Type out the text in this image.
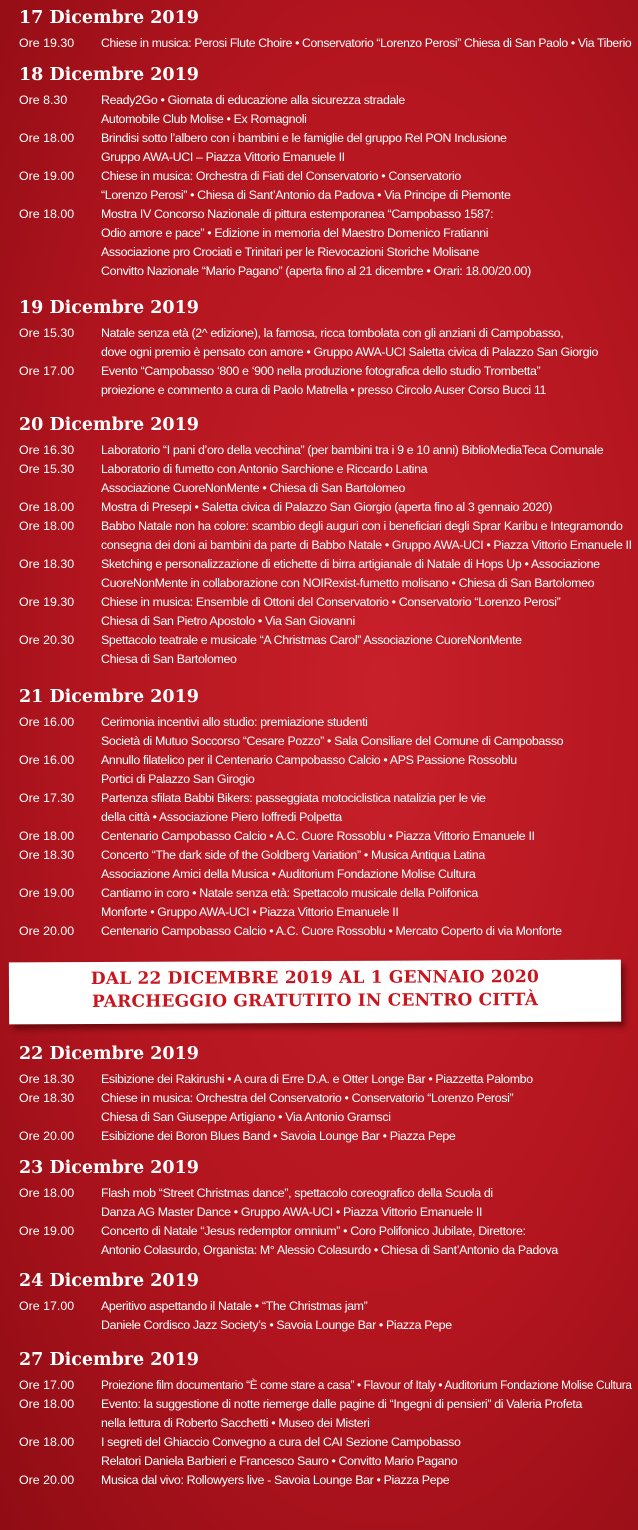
DAL 22 DICEMBRE 2019 AL 1 GENNAIO 2020
PARCHEGGIO GRATUTITO IN CENTRO CITTÀ
17 Dicembre 2019
Ore 19.30 Chiese in musica: Perosi Flute Choire • Conservatorio “Lorenzo Perosi” Chiesa di San Paolo • Via Tiberio
18 Dicembre 2019
Ore 8.30	Ready2Go • Giornata di educazione alla sicurezza stradale
Automobile Club Molise • Ex Romagnoli
Ore 18.00 Brindisi sotto l’albero con i bambini e le famiglie del gruppo Rel PON Inclusione
Gruppo AWA-UCI – Piazza Vittorio Emanuele II
Ore 19.00 Chiese in musica: Orchestra di Fiati del Conservatorio • Conservatorio
“Lorenzo Perosi” • Chiesa di Sant’Antonio da Padova • Via Principe di Piemonte
Ore 18.00 Mostra IV Concorso Nazionale di pittura estemporanea “Campobasso 1587:
Odio amore e pace” • Edizione in memoria del Maestro Domenico Fratianni
Associazione pro Crociati e Trinitari per le Rievocazioni Storiche Molisane
Convitto Nazionale “Mario Pagano” (aperta fino al 21 dicembre • Orari: 18.00/20.00)
19 Dicembre 2019
Ore 15.30 Natale senza età (2^ edizione), la famosa, ricca tombolata con gli anziani di Campobasso,
dove ogni premio è pensato con amore • Gruppo AWA-UCI Saletta civica di Palazzo San Giorgio
Ore 17.00 Evento “Campobasso ‘800 e ‘900 nella produzione fotografica dello studio Trombetta”
proiezione e commento a cura di Paolo Matrella • presso Circolo Auser Corso Bucci 11
20 Dicembre 2019
Ore 16.30 Laboratorio “I pani d’oro della vecchina” (per bambini tra i 9 e 10 anni) BiblioMediaTeca Comunale
Ore 15.30 Laboratorio di fumetto con Antonio Sarchione e Riccardo Latina
Associazione CuoreNonMente • Chiesa di San Bartolomeo
Ore 18.00 Mostra di Presepi • Saletta civica di Palazzo San Giorgio (aperta fino al 3 gennaio 2020)
Ore 18.00 Babbo Natale non ha colore: scambio degli auguri con i beneficiari degli Sprar Karibu e Integramondo
consegna dei doni ai bambini da parte di Babbo Natale • Gruppo AWA-UCI • Piazza Vittorio Emanuele II
Ore 18.30 Sketching e personalizzazione di etichette di birra artigianale di Natale di Hops Up • Associazione
CuoreNonMente in collaborazione con NOIRexist-fumetto molisano • Chiesa di San Bartolomeo
Ore 19.30 Chiese in musica: Ensemble di Ottoni del Conservatorio • Conservatorio “Lorenzo Perosi”
Chiesa di San Pietro Apostolo • Via San Giovanni
Ore 20.30 Spettacolo teatrale e musicale “A Christmas Carol” Associazione CuoreNonMente
Chiesa di San Bartolomeo
21 Dicembre 2019
Ore 16.00 Cerimonia incentivi allo studio: premiazione studenti
Società di Mutuo Soccorso “Cesare Pozzo” • Sala Consiliare del Comune di Campobasso
Ore 16.00 Annullo filatelico per il Centenario Campobasso Calcio • APS Passione Rossoblu
Portici di Palazzo San Girogio
Ore 17.30 Partenza sfilata Babbi Bikers: passeggiata motociclistica natalizia per le vie
della città • Associazione Piero Ioffredi Polpetta
Ore 18.00 Centenario Campobasso Calcio • A.C. Cuore Rossoblu • Piazza Vittorio Emanuele II
Ore 18.30 Concerto “The dark side of the Goldberg Variation” • Musica Antiqua Latina
Associazione Amici della Musica • Auditorium Fondazione Molise Cultura
Ore 19.00 Cantiamo in coro • Natale senza età: Spettacolo musicale della Polifonica
Monforte • Gruppo AWA-UCI • Piazza Vittorio Emanuele II
Ore 20.00 Centenario Campobasso Calcio • A.C. Cuore Rossoblu • Mercato Coperto di via Monforte
22 Dicembre 2019
Ore 18.30 Esibizione dei Rakirushi • A cura di Erre D.A. e Otter Longe Bar • Piazzetta Palombo
Ore 18.30 Chiese in musica: Orchestra del Conservatorio • Conservatorio “Lorenzo Perosi”
Chiesa di San Giuseppe Artigiano • Via Antonio Gramsci
Ore 20.00 Esibizione dei Boron Blues Band • Savoia Lounge Bar • Piazza Pepe
23 Dicembre 2019
Ore 18.00 Flash mob “Street Christmas dance”, spettacolo coreografico della Scuola di
Danza AG Master Dance • Gruppo AWA-UCI • Piazza Vittorio Emanuele II
Ore 19.00 Concerto di Natale “Jesus redemptor omnium” • Coro Polifonico Jubilate, Direttore:
Antonio Colasurdo, Organista: M° Alessio Colasurdo • Chiesa di Sant’Antonio da Padova
24 Dicembre 2019
Ore 17.00 Aperitivo aspettando il Natale • “The Christmas jam”
Daniele Cordisco Jazz Society’s • Savoia Lounge Bar • Piazza Pepe
27 Dicembre 2019
Ore 17.00 Proiezione film documentario “È come stare a casa” • Flavour of Italy • Auditorium Fondazione Molise Cultura
Ore 18.00 Evento: la suggestione di notte riemerge dalle pagine di “Ingegni di pensieri” di Valeria Profeta
nella lettura di Roberto Sacchetti • Museo dei Misteri
Ore 18.00 I segreti del Ghiaccio Convegno a cura del CAI Sezione Campobasso
Relatori Daniela Barbieri e Francesco Sauro • Convitto Mario Pagano
Ore 20.00 Musica dal vivo: Rollowyers live - Savoia Lounge Bar • Piazza Pepe
